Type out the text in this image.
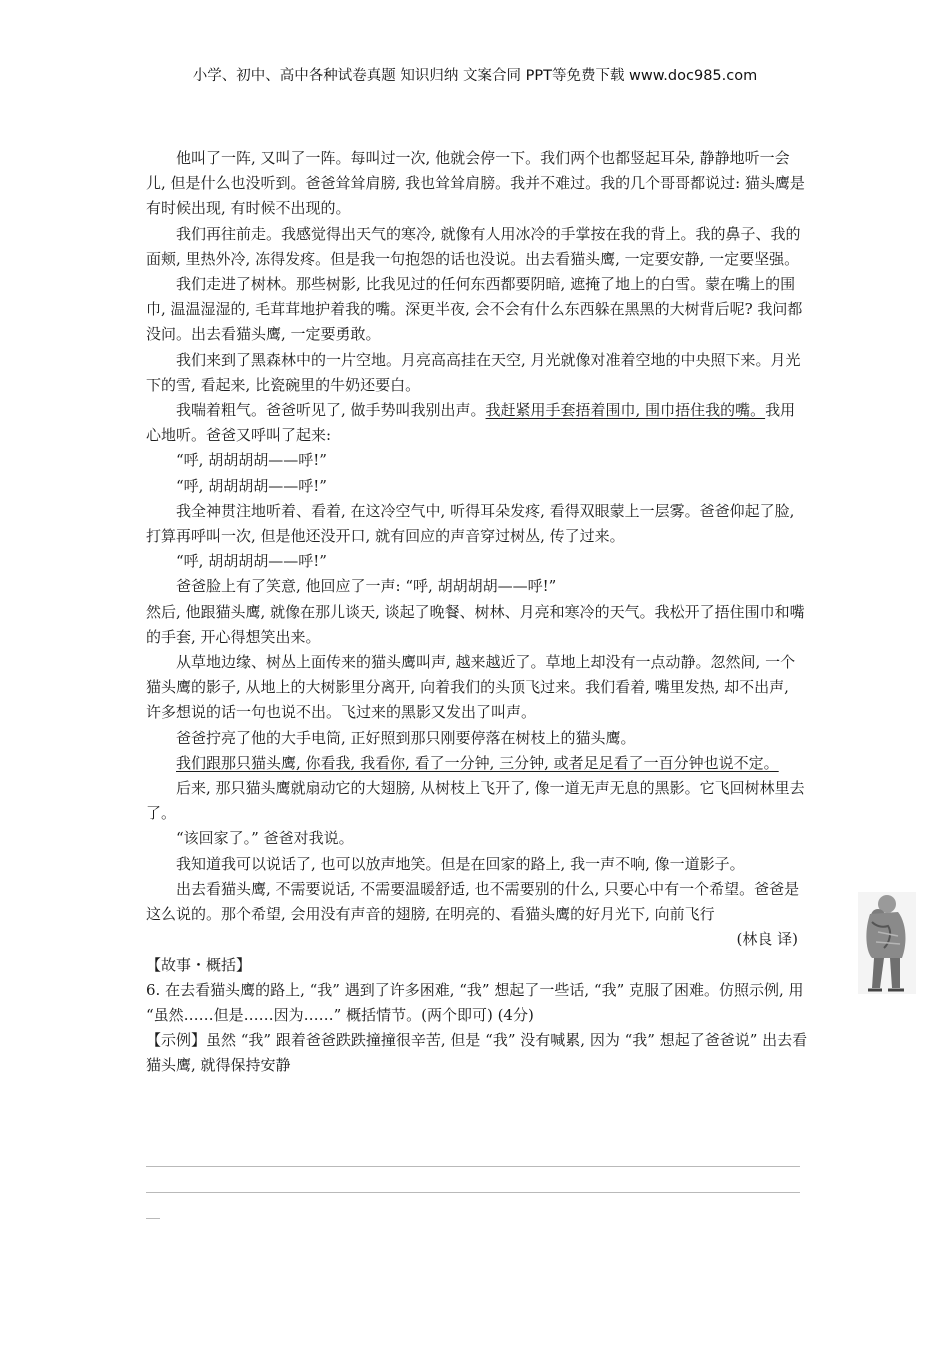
小学、初中、高中各种试卷真题 知识归纳 文案合同 PPT等免费下载 www.doc985.com

他叫了一阵, 又叫了一阵。每叫过一次, 他就会停一下。我们两个也都竖起耳朵, 静静地听一会儿, 但是什么也没听到。爸爸耸耸肩膀, 我也耸耸肩膀。我并不难过。我的几个哥哥都说过: 猫头鹰是有时候出现, 有时候不出现的。

我们再往前走。我感觉得出天气的寒冷, 就像有人用冰冷的手掌按在我的背上。我的鼻子、我的面颊, 里热外冷, 冻得发疼。但是我一句抱怨的话也没说。出去看猫头鹰, 一定要安静, 一定要坚强。

我们走进了树林。那些树影, 比我见过的任何东西都要阴暗, 遮掩了地上的白雪。蒙在嘴上的围巾, 温温湿湿的, 毛茸茸地护着我的嘴。深更半夜, 会不会有什么东西躲在黑黑的大树背后呢? 我问都没问。出去看猫头鹰, 一定要勇敢。

我们来到了黑森林中的一片空地。月亮高高挂在天空, 月光就像对准着空地的中央照下来。月光下的雪, 看起来, 比瓷碗里的牛奶还要白。

我喘着粗气。爸爸听见了, 做手势叫我别出声。我赶紧用手套捂着围巾, 围巾捂住我的嘴。我用心地听。爸爸又呼叫了起来:

“呼, 胡胡胡胡——呼!”

“呼, 胡胡胡胡——呼!”

我全神贯注地听着、看着, 在这冷空气中, 听得耳朵发疼, 看得双眼蒙上一层雾。爸爸仰起了脸, 打算再呼叫一次, 但是他还没开口, 就有回应的声音穿过树丛, 传了过来。

“呼, 胡胡胡胡——呼!”

爸爸脸上有了笑意, 他回应了一声: “呼, 胡胡胡胡——呼!”

然后, 他跟猫头鹰, 就像在那儿谈天, 谈起了晚餐、树林、月亮和寒冷的天气。我松开了捂住围巾和嘴的手套, 开心得想笑出来。

从草地边缘、树丛上面传来的猫头鹰叫声, 越来越近了。草地上却没有一点动静。忽然间, 一个猫头鹰的影子, 从地上的大树影里分离开, 向着我们的头顶飞过来。我们看着, 嘴里发热, 却不出声, 许多想说的话一句也说不出。飞过来的黑影又发出了叫声。

爸爸拧亮了他的大手电筒, 正好照到那只刚要停落在树枝上的猫头鹰。

我们跟那只猫头鹰, 你看我, 我看你, 看了一分钟, 三分钟, 或者足足看了一百分钟也说不定。

后来, 那只猫头鹰就扇动它的大翅膀, 从树枝上飞开了, 像一道无声无息的黑影。它飞回树林里去了。

“该回家了。” 爸爸对我说。

我知道我可以说话了, 也可以放声地笑。但是在回家的路上, 我一声不响, 像一道影子。

出去看猫头鹰, 不需要说话, 不需要温暖舒适, 也不需要别的什么, 只要心中有一个希望。爸爸是这么说的。那个希望, 会用没有声音的翅膀, 在明亮的、看猫头鹰的好月光下, 向前飞行

(林良 译)

【故事・概括】

6. 在去看猫头鹰的路上, “我” 遇到了许多困难, “我” 想起了一些话, “我” 克服了困难。仿照示例, 用 “虽然……但是……因为……” 概括情节。(两个即可) (4分)

【示例】虽然 “我” 跟着爸爸跌跌撞撞很辛苦, 但是 “我” 没有喊累, 因为 “我” 想起了爸爸说” 出去看猫头鹰, 就得保持安静
